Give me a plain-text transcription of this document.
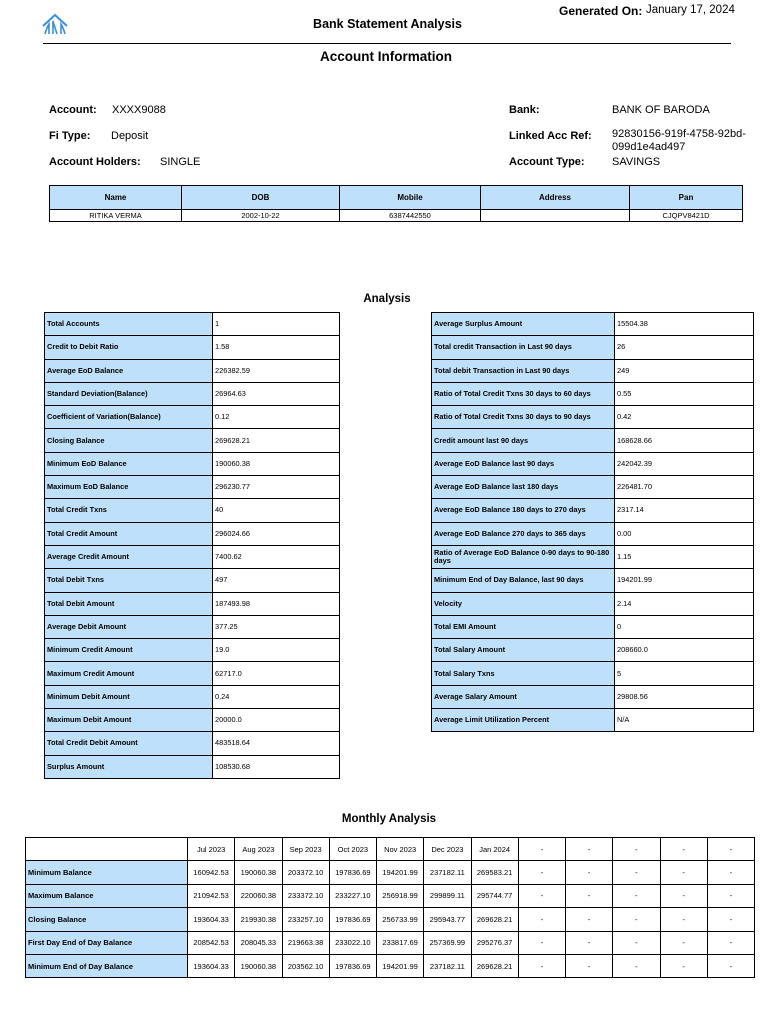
Generated On: January 17, 2024
Bank Statement Analysis
Account Information
Account: XXXX9088
Fi Type: Deposit
Account Holders: SINGLE
Bank:	BANK OF BARODA
Linked Acc Ref: 92830156-919f-4758-92bd-
099d1e4ad497
Account Type: SAVINGS
Name	DOB	Mobile	Address	Pan
RITIKA VERMA	2002-10-22	6387442550		CJQPV8421D
Analysis
Total Accounts	1
Credit to Debit Ratio	1.58
Average EoD Balance	226382.59
Standard Deviation(Balance)	26964.63
Coefficient of Variation(Balance)	0.12
Closing Balance	269628.21
Minimum EoD Balance	190060.38
Maximum EoD Balance	296230.77
Total Credit Txns	40
Total Credit Amount	296024.66
Average Credit Amount	7400.62
Total Debit Txns	497
Total Debit Amount	187493.98
Average Debit Amount	377.25
Minimum Credit Amount	19.0
Maximum Credit Amount	62717.0
Minimum Debit Amount	0.24
Maximum Debit Amount	20000.0
Total Credit Debit Amount	483518.64
Surplus Amount	108530.68
Average Surplus Amount	15504.38
Total credit Transaction in Last 90 days	26
Total debit Transaction in Last 90 days	249
Ratio of Total Credit Txns 30 days to 60 days	0.55
Ratio of Total Credit Txns 30 days to 90 days	0.42
Credit amount last 90 days	168628.66
Average EoD Balance last 90 days	242042.39
Average EoD Balance last 180 days	226481.70
Average EoD Balance 180 days to 270 days	2317.14
Average EoD Balance 270 days to 365 days	0.00
Ratio of Average EoD Balance 0-90 days to 90-180 days	1.15
Minimum End of Day Balance, last 90 days	194201.99
Velocity	2.14
Total EMI Amount	0
Total Salary Amount	208660.0
Total Salary Txns	5
Average Salary Amount	29808.56
Average Limit Utilization Percent	N/A
Monthly Analysis
	Jul 2023	Aug 2023	Sep 2023	Oct 2023	Nov 2023	Dec 2023	Jan 2024	-	-	-	-	-
Minimum Balance	160942.53	190060.38	203372.10	197836.69	194201.99	237182.11	269583.21	-	-	-	-	-
Maximum Balance	210942.53	220060.38	233372.10	233227.10	256918.99	299899.11	295744.77	-	-	-	-	-
Closing Balance	193604.33	219930.38	233257.10	197836.69	256733.99	295943.77	269628.21	-	-	-	-	-
First Day End of Day Balance	208542.53	208045.33	219663.38	233022.10	233817.69	257369.99	295276.37	-	-	-	-	-
Minimum End of Day Balance	193604.33	190060.38	203562.10	197836.69	194201.99	237182.11	269628.21	-	-	-	-	-
